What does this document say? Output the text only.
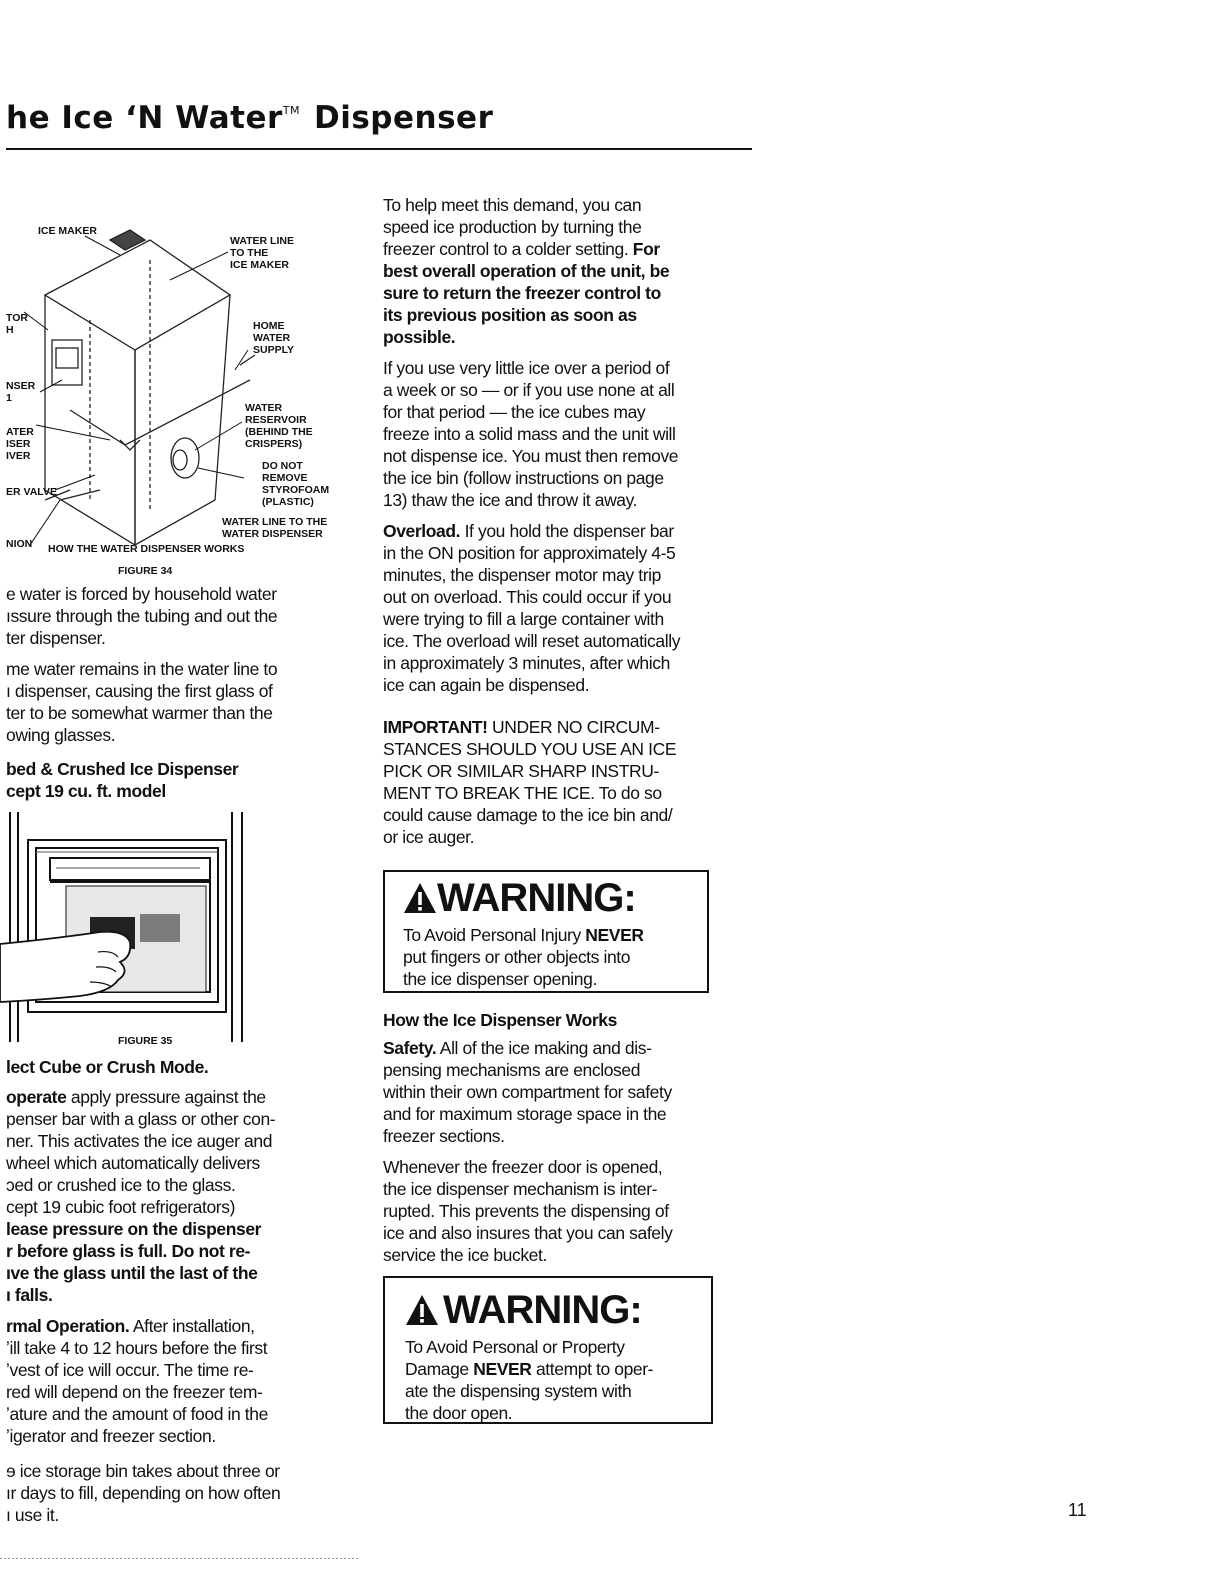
he Ice ‘N Water™ Dispenser
ICE MAKER
WATER LINE
TO THE
ICE MAKER
HOME
WATER
SUPPLY
WATER
RESERVOIR
(BEHIND THE
CRISPERS)
DO NOT
REMOVE
STYROFOAM
(PLASTIC)
WATER LINE TO THE
WATER DISPENSER
TOR
H
NSER
1
ATER
ISER
IVER
ER VALVE
NION HOW THE WATER DISPENSER WORKS
FIGURE 34

e water is forced by household water
ıssure through the tubing and out the
ter dispenser.

me water remains in the water line to
ı dispenser, causing the first glass of
ter to be somewhat warmer than the
owing glasses.

bed & Crushed Ice Dispenser
cept 19 cu. ft. model
FIGURE 35

lect Cube or Crush Mode.

operate apply pressure against the
penser bar with a glass or other con-
ner. This activates the ice auger and
wheel which automatically delivers
ɔed or crushed ice to the glass.
cept 19 cubic foot refrigerators)
lease pressure on the dispenser
r before glass is full. Do not re-
ıve the glass until the last of the
ı falls.

rmal Operation. After installation,
ʼill take 4 to 12 hours before the first
ʼvest of ice will occur. The time re-
red will depend on the freezer tem-
ʼature and the amount of food in the
ʼigerator and freezer section.

ɘ ice storage bin takes about three or
ır days to fill, depending on how often
ı use it.

To help meet this demand, you can
speed ice production by turning the
freezer control to a colder setting. For
best overall operation of the unit, be
sure to return the freezer control to
its previous position as soon as
possible.

If you use very little ice over a period of
a week or so — or if you use none at all
for that period — the ice cubes may
freeze into a solid mass and the unit will
not dispense ice. You must then remove
the ice bin (follow instructions on page
13) thaw the ice and throw it away.

Overload. If you hold the dispenser bar
in the ON position for approximately 4-5
minutes, the dispenser motor may trip
out on overload. This could occur if you
were trying to fill a large container with
ice. The overload will reset automatically
in approximately 3 minutes, after which
ice can again be dispensed.

IMPORTANT! UNDER NO CIRCUM-
STANCES SHOULD YOU USE AN ICE
PICK OR SIMILAR SHARP INSTRU-
MENT TO BREAK THE ICE. To do so
could cause damage to the ice bin and/
or ice auger.

WARNING:
To Avoid Personal Injury NEVER
put fingers or other objects into
the ice dispenser opening.

How the Ice Dispenser Works

Safety. All of the ice making and dis-
pensing mechanisms are enclosed
within their own compartment for safety
and for maximum storage space in the
freezer sections.

Whenever the freezer door is opened,
the ice dispenser mechanism is inter-
rupted. This prevents the dispensing of
ice and also insures that you can safely
service the ice bucket.

WARNING:
To Avoid Personal or Property
Damage NEVER attempt to oper-
ate the dispensing system with
the door open.
11
